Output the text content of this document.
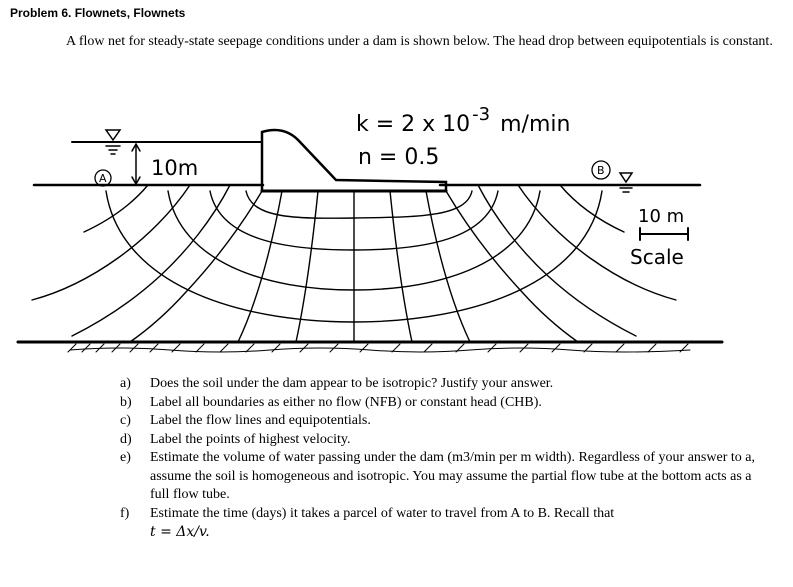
Problem 6. Flownets, Flownets
A flow net for steady-state seepage conditions under a dam is shown below. The head drop between equipotentials is constant.
A
B
10m
k = 2 x 10 $^{-3}$ m/min
n = 0.5
10 m
Scale
a) Does the soil under the dam appear to be isotropic? Justify your answer.
b) Label all boundaries as either no flow (NFB) or constant head (CHB).
c) Label the flow lines and equipotentials.
d) Label the points of highest velocity.
e) Estimate the volume of water passing under the dam (m3/min per m width). Regardless of your answer to a, assume the soil is homogeneous and isotropic. You may assume the partial flow tube at the bottom acts as a full flow tube.
f) Estimate the time (days) it takes a parcel of water to travel from A to B. Recall that
t = Δx/v.
